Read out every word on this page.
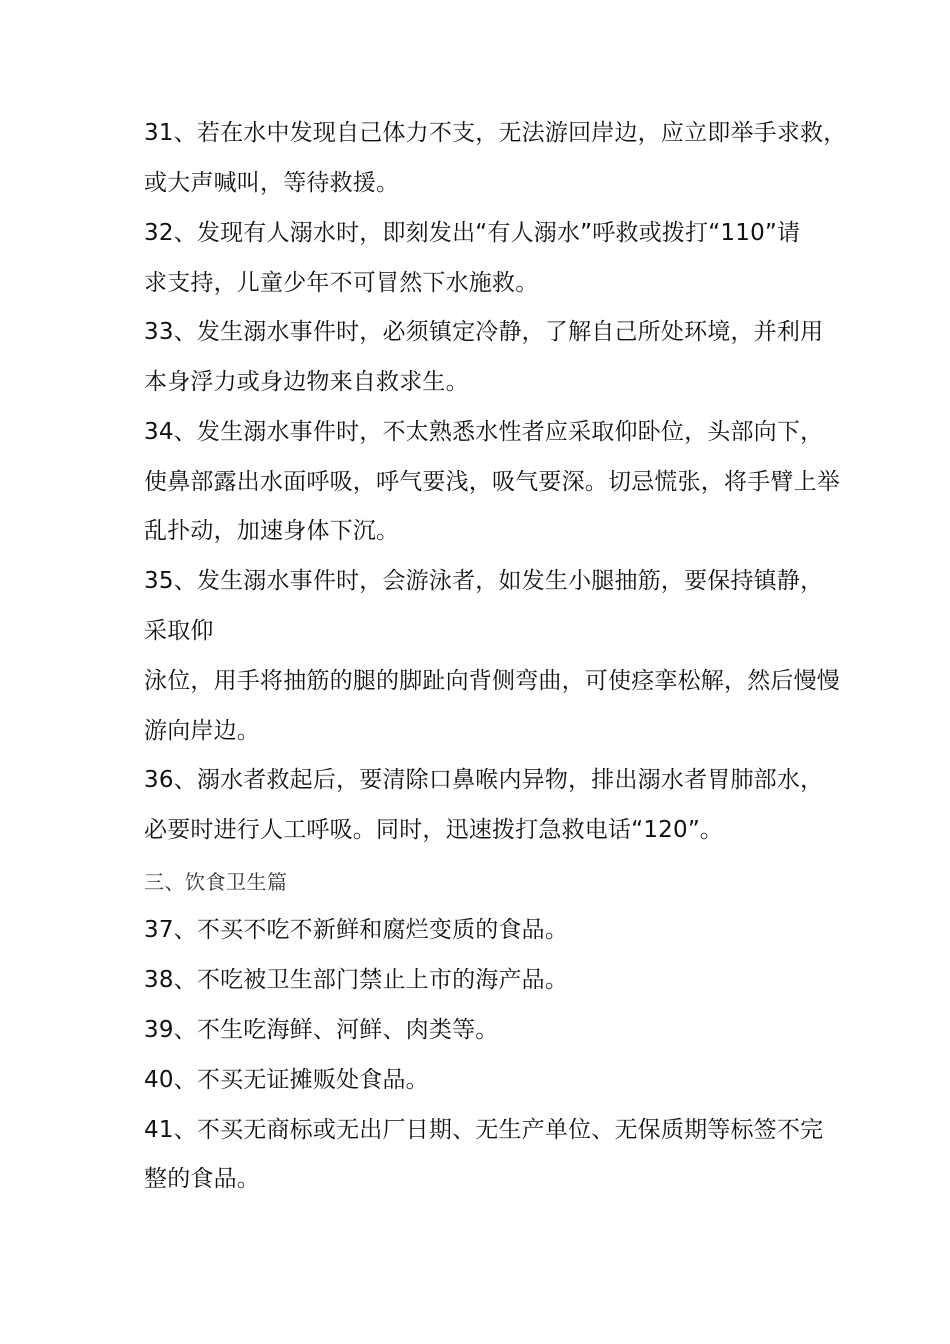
31、若在水中发现自己体力不支，无法游回岸边，应立即举手求救，
或大声喊叫，等待救援。
32、发现有人溺水时，即刻发出“有人溺水”呼救或拨打“110”请
求支持，儿童少年不可冒然下水施救。
33、发生溺水事件时，必须镇定冷静，了解自己所处环境，并利用
本身浮力或身边物来自救求生。
34、发生溺水事件时，不太熟悉水性者应采取仰卧位，头部向下，
使鼻部露出水面呼吸，呼气要浅，吸气要深。切忌慌张，将手臂上举
乱扑动，加速身体下沉。
35、发生溺水事件时，会游泳者，如发生小腿抽筋，要保持镇静，
采取仰
泳位，用手将抽筋的腿的脚趾向背侧弯曲，可使痉挛松解，然后慢慢
游向岸边。
36、溺水者救起后，要清除口鼻喉内异物，排出溺水者胃肺部水，
必要时进行人工呼吸。同时，迅速拨打急救电话“120”。
三、饮食卫生篇
37、不买不吃不新鲜和腐烂变质的食品。
38、不吃被卫生部门禁止上市的海产品。
39、不生吃海鲜、河鲜、肉类等。
40、不买无证摊贩处食品。
41、不买无商标或无出厂日期、无生产单位、无保质期等标签不完
整的食品。
